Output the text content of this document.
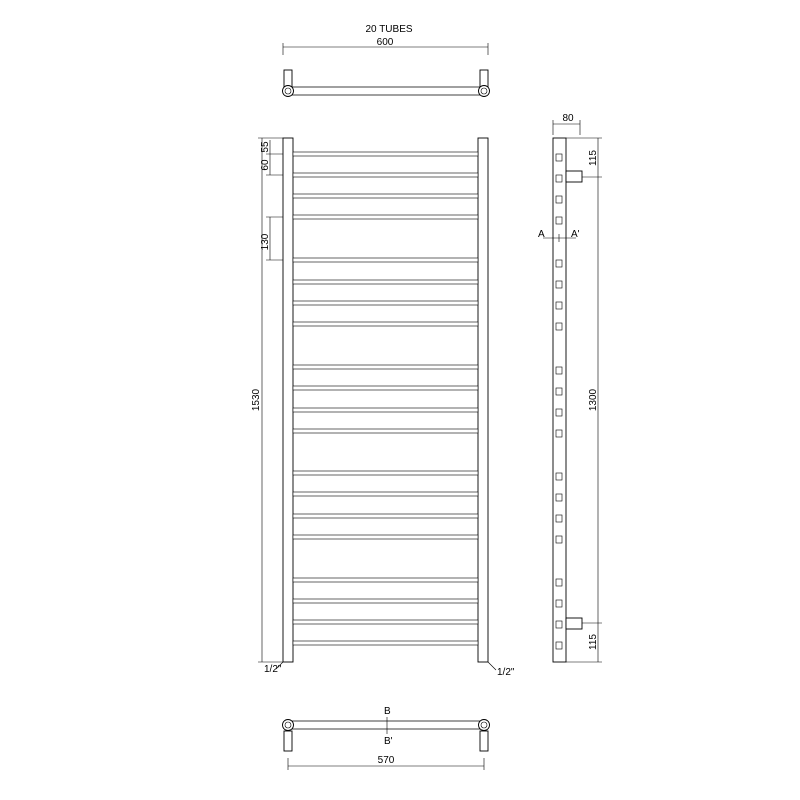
20 TUBES
600
1530
55
60
130
1/2"	1/2"
80
A	A'
115
1300
115
B
B'
570
